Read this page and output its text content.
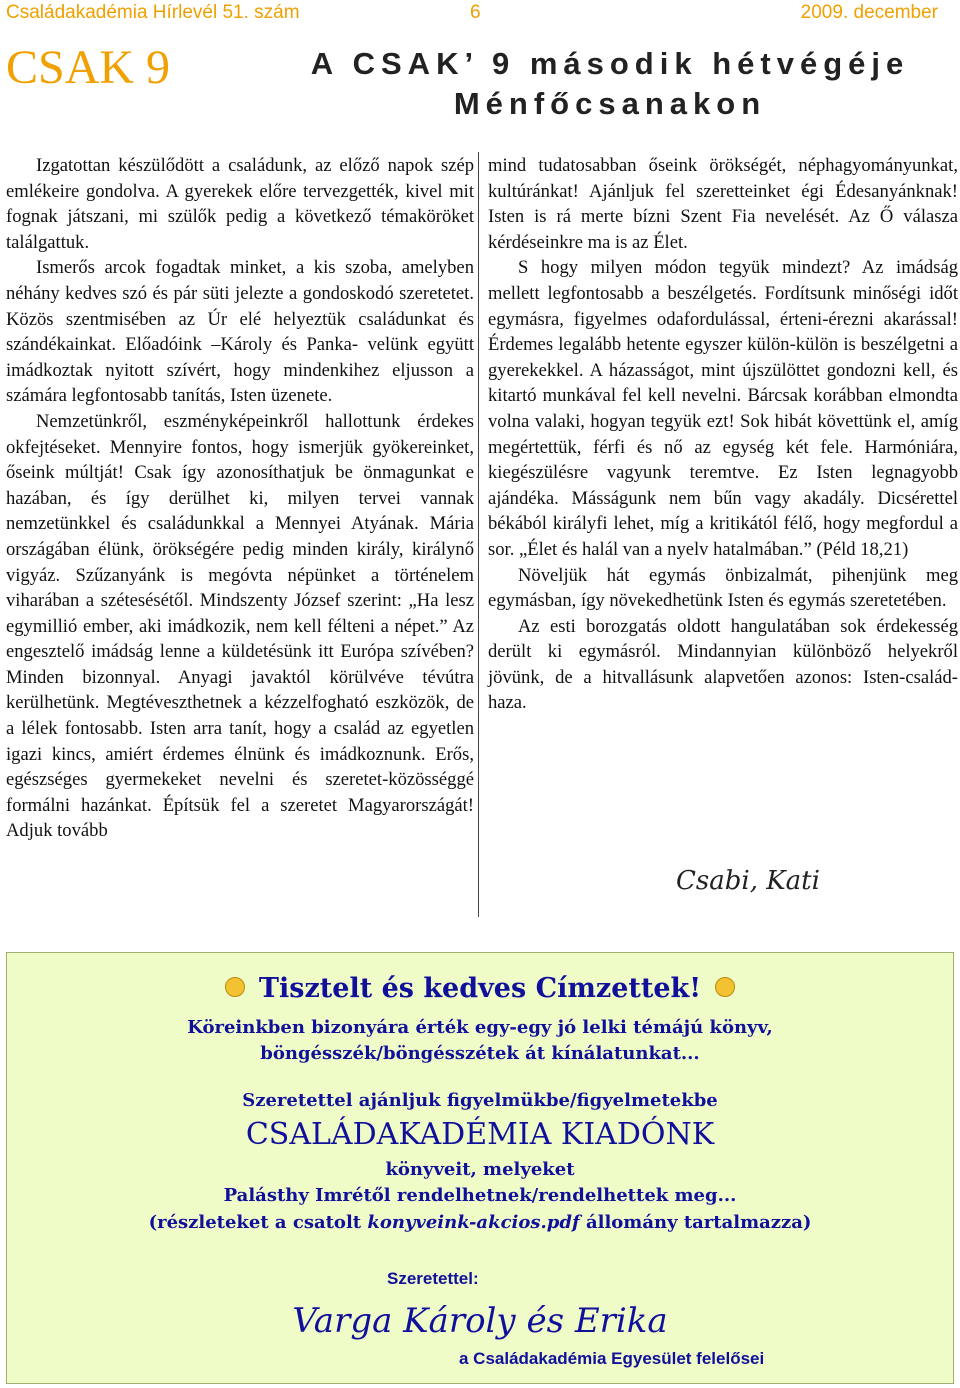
Családakadémia Hírlevél 51. szám	6	2009. december
CSAK 9	A CSAK’ 9 második hétvégéje
Ménfőcsanakon

Izgatottan készülődött a családunk, az előző napok szép emlékeire gondolva. A gyerekek előre tervezgették, kivel mit fognak játszani, mi szülők pedig a következő témaköröket találgattuk.

Ismerős arcok fogadtak minket, a kis szoba, amelyben néhány kedves szó és pár süti jelezte a gondoskodó szeretetet. Közös szentmisében az Úr elé helyeztük családunkat és szándékainkat. Előadóink –Károly és Panka- velünk együtt imádkoztak nyitott szívért, hogy mindenkihez eljusson a számára legfontosabb tanítás, Isten üzenete.

Nemzetünkről, eszményképeinkről hallottunk érdekes okfejtéseket. Mennyire fontos, hogy ismerjük gyökereinket, őseink múltját! Csak így azonosíthatjuk be önmagunkat e hazában, és így derülhet ki, milyen tervei vannak nemzetünkkel és családunkkal a Mennyei Atyának. Mária országában élünk, örökségére pedig minden király, királynő vigyáz. Szűzanyánk is megóvta népünket a történelem viharában a szétesésétől. Mindszenty József szerint: „Ha lesz egymillió ember, aki imádkozik, nem kell félteni a népet.” Az engesztelő imádság lenne a küldetésünk itt Európa szívében? Minden bizonnyal. Anyagi javaktól körülvéve tévútra kerülhetünk. Megtéveszthetnek a kézzelfogható eszközök, de a lélek fontosabb. Isten arra tanít, hogy a család az egyetlen igazi kincs, amiért érdemes élnünk és imádkoznunk. Erős, egészséges gyermekeket nevelni és szeretet-közösséggé formálni hazánkat. Építsük fel a szeretet Magyarországát! Adjuk tovább

mind tudatosabban őseink örökségét, néphagyományunkat, kultúránkat! Ajánljuk fel szeretteinket égi Édesanyánknak! Isten is rá merte bízni Szent Fia nevelését. Az Ő válasza kérdéseinkre ma is az Élet.

S hogy milyen módon tegyük mindezt? Az imádság mellett legfontosabb a beszélgetés. Fordítsunk minőségi időt egymásra, figyelmes odafordulással, érteni-érezni akarással! Érdemes legalább hetente egyszer külön-külön is beszélgetni a gyerekekkel. A házasságot, mint újszülöttet gondozni kell, és kitartó munkával fel kell nevelni. Bárcsak korábban elmondta volna valaki, hogyan tegyük ezt! Sok hibát követtünk el, amíg megértettük, férfi és nő az egység két fele. Harmóniára, kiegészülésre vagyunk teremtve. Ez Isten legnagyobb ajándéka. Másságunk nem bűn vagy akadály. Dicsérettel békából királyfi lehet, míg a kritikától félő, hogy megfordul a sor. „Élet és halál van a nyelv hatalmában.” (Péld 18,21)

Növeljük hát egymás önbizalmát, pihenjünk meg egymásban, így növekedhetünk Isten és egymás szeretetében.

Az esti borozgatás oldott hangulatában sok érdekesség derült ki egymásról. Mindannyian különböző helyekről jövünk, de a hitvallásunk alapvetően azonos: Isten-család-haza.

Csabi, Kati
Tisztelt és kedves Címzettek!
Köreinkben bizonyára érték egy-egy jó lelki témájú könyv,
böngésszék/böngésszétek át kínálatunkat...
Szeretettel ajánljuk figyelmükbe/figyelmetekbe
CSALÁDAKADÉMIA KIADÓNK
könyveit, melyeket
Palásthy Imrétől rendelhetnek/rendelhettek meg...
(részleteket a csatolt konyveink-akcios.pdf állomány tartalmazza)
Szeretettel:
Varga Károly és Erika
a Családakadémia Egyesület felelősei
